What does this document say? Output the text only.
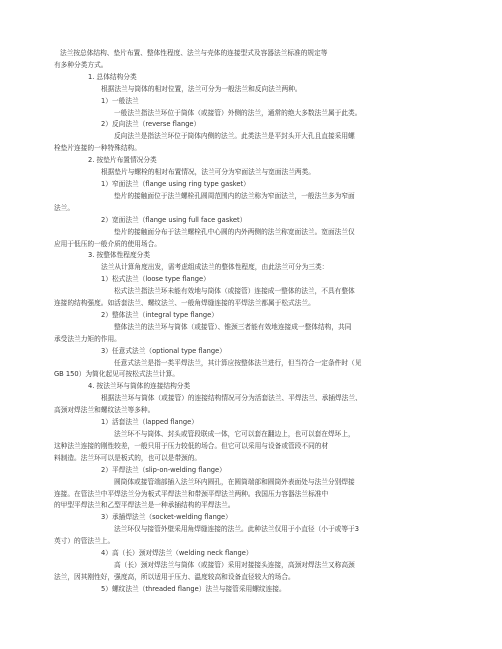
法兰按总体结构、垫片布置、整体性程度、法兰与壳体的连接型式及容器法兰标准的规定等

有多种分类方式。

1. 总体结构分类

根据法兰与筒体的相对位置，法兰可分为一般法兰和反向法兰两种。

1）一般法兰

一般法兰指法兰环位于筒体（或接管）外侧的法兰，通常的绝大多数法兰属于此类。

2）反向法兰（reverse flange）

反向法兰是指法兰环位于筒体内侧的法兰。此类法兰是平封头开大孔且直接采用螺

栓垫片连接的一种特殊结构。

2. 按垫片布置情况分类

根据垫片与螺栓的相对布置情况，法兰可分为窄面法兰与宽面法兰两类。

1）窄面法兰（flange using ring type gasket）

垫片的接触面位于法兰螺栓孔圆周范围内的法兰称为窄面法兰，一般法兰多为窄面

法兰。

2）宽面法兰（flange using full face gasket）

垫片的接触面分布于法兰螺栓孔中心圆的内外两侧的法兰称宽面法兰。宽面法兰仅

应用于低压的一般介质的使用场合。

3. 按整体性程度分类

法兰从计算角度出发，需考虑组成法兰的整体性程度，由此法兰可分为三类：

1）松式法兰（loose type flange）

松式法兰指法兰环未能有效地与筒体（或接管）连接成一整体的法兰，不具有整体

连接的结构强度。如活套法兰、螺纹法兰、一般角焊缝连接的平焊法兰都属于松式法兰。

2）整体法兰（integral type flange）

整体法兰的法兰环与筒体（或接管）、锥颈三者能有效地连接成一整体结构，共同

承受法兰力矩的作用。

3）任意式法兰（optional type flange）

任意式法兰是指一类平焊法兰，其计算应按整体法兰进行，但当符合一定条件时（见

GB 150）为简化起见可按松式法兰计算。

4. 按法兰环与筒体的连接结构分类

根据法兰环与筒体（或接管）的连接结构情况可分为活套法兰、平焊法兰、承插焊法兰、

高颈对焊法兰和螺纹法兰等多种。

1）活套法兰（lapped flange）

法兰环不与筒体、封头或管段联成一体，它可以套在翻边上，也可以套在焊环上，

这种法兰连接的刚性较差，一般只用于压力较低的场合。但它可以采用与设备或管段不同的材

料制造。法兰环可以是板式的，也可以是带颈的。

2）平焊法兰（slip-on-welding flange）

圆筒体或接管端部插入法兰环内圆孔，在圆筒端部和圆筒外表面处与法兰分别焊接

连接。在管法兰中平焊法兰分为板式平焊法兰和带颈平焊法兰两种。我国压力容器法兰标准中

的甲型平焊法兰和乙型平焊法兰是一种承插结构的平焊法兰。

3）承插焊法兰（socket-welding flange）

法兰环仅与接管外壁采用角焊缝连接的法兰。此种法兰仅用于小直径（小于或等于3

英寸）的管法兰上。

4）高（长）颈对焊法兰（welding neck flange）

高（长）颈对焊法兰与筒体（或接管）采用对接接头连接，高颈对焊法兰又称高颈

法兰，因其刚性好，强度高，所以适用于压力、温度较高和设备直径较大的场合。

5）螺纹法兰（threaded flange）法兰与接管采用螺纹连接。
